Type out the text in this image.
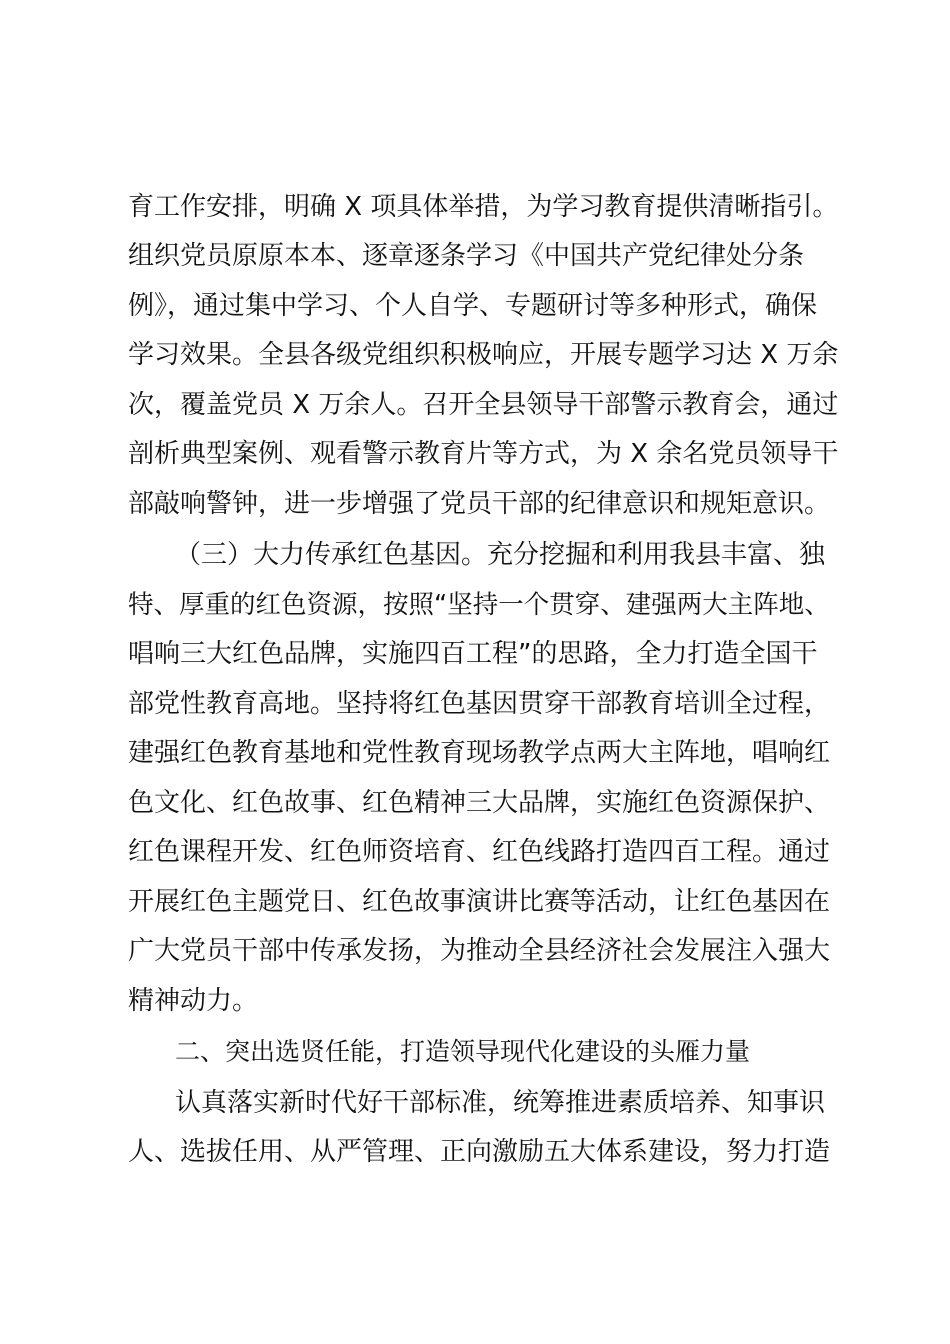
育工作安排，明确 X 项具体举措，为学习教育提供清晰指引。
组织党员原原本本、逐章逐条学习《中国共产党纪律处分条
例》，通过集中学习、个人自学、专题研讨等多种形式，确保
学习效果。全县各级党组织积极响应，开展专题学习达 X 万余
次，覆盖党员 X 万余人。召开全县领导干部警示教育会，通过
剖析典型案例、观看警示教育片等方式，为 X 余名党员领导干
部敲响警钟，进一步增强了党员干部的纪律意识和规矩意识。
（三）大力传承红色基因。充分挖掘和利用我县丰富、独
特、厚重的红色资源，按照“坚持一个贯穿、建强两大主阵地、
唱响三大红色品牌，实施四百工程”的思路，全力打造全国干
部党性教育高地。坚持将红色基因贯穿干部教育培训全过程，
建强红色教育基地和党性教育现场教学点两大主阵地，唱响红
色文化、红色故事、红色精神三大品牌，实施红色资源保护、
红色课程开发、红色师资培育、红色线路打造四百工程。通过
开展红色主题党日、红色故事演讲比赛等活动，让红色基因在
广大党员干部中传承发扬，为推动全县经济社会发展注入强大
精神动力。
二、突出选贤任能，打造领导现代化建设的头雁力量
认真落实新时代好干部标准，统筹推进素质培养、知事识
人、选拔任用、从严管理、正向激励五大体系建设，努力打造
